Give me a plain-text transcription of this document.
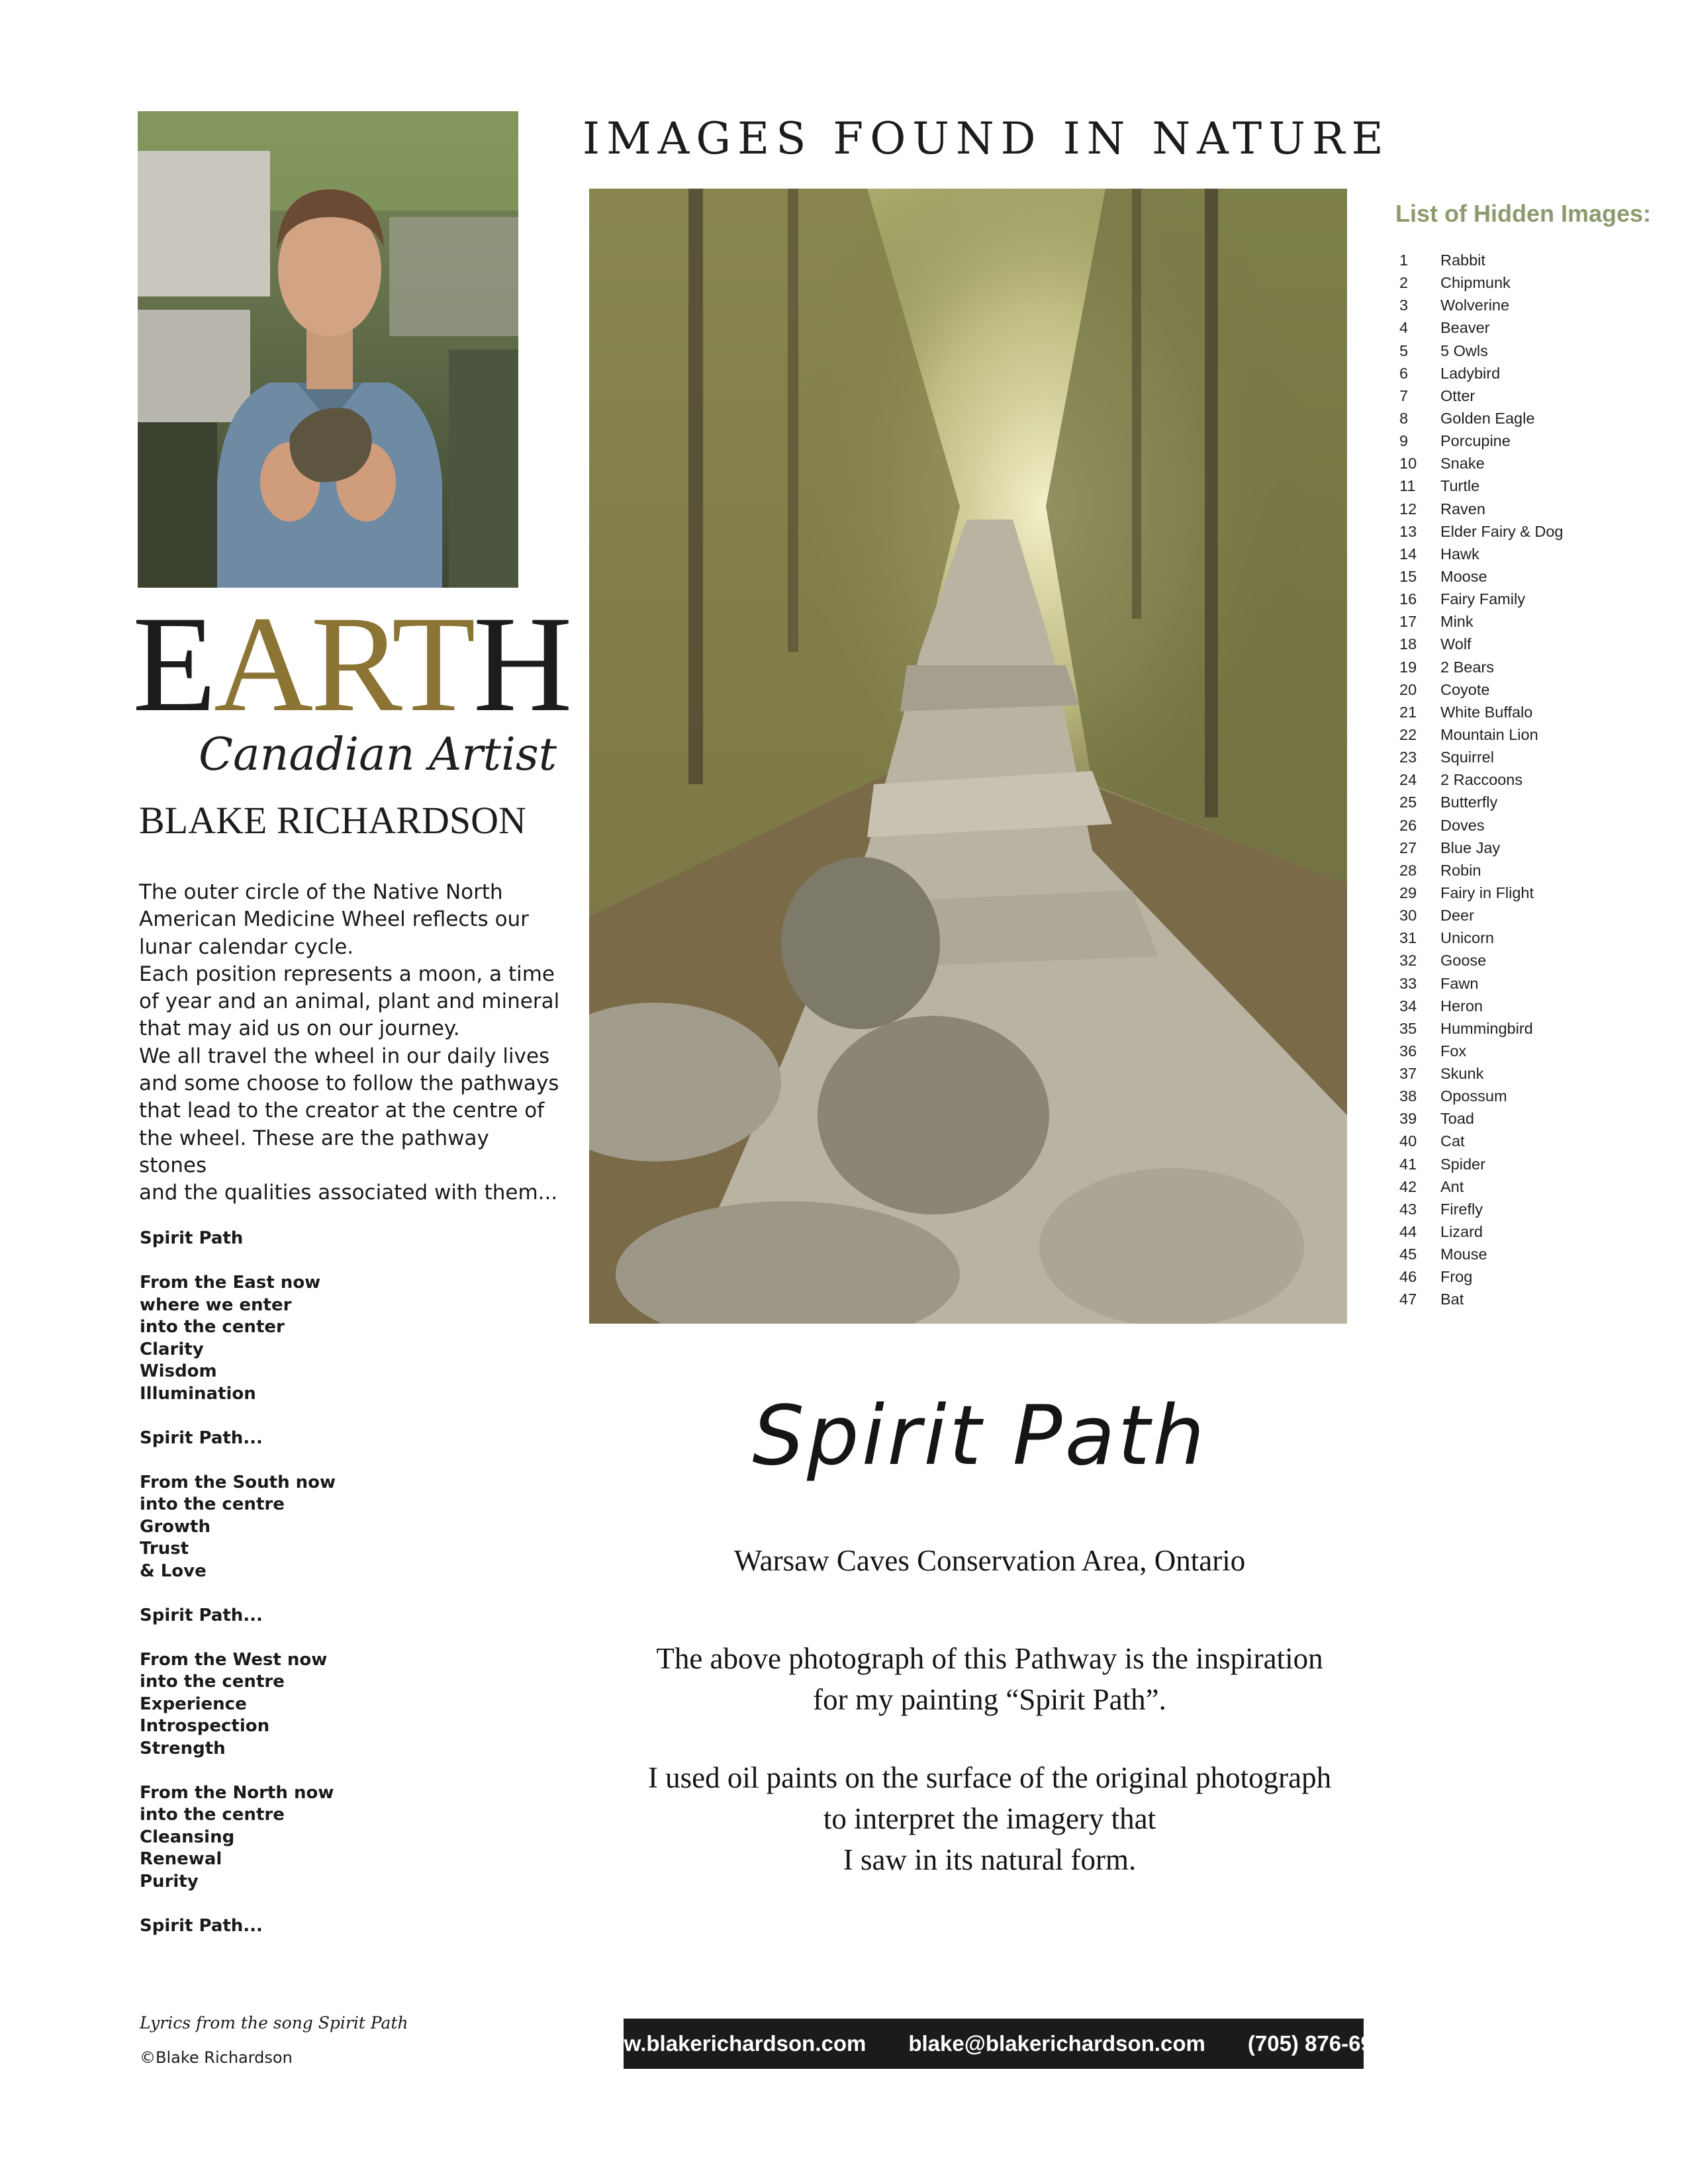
EARTH
Canadian Artist
BLAKE RICHARDSON

The outer circle of the Native North

American Medicine Wheel reflects our

lunar calendar cycle.

Each position represents a moon, a time

of year and an animal, plant and mineral

that may aid us on our journey.

We all travel the wheel in our daily lives

and some choose to follow the pathways

that lead to the creator at the centre of

the wheel. These are the pathway stones

and the qualities associated with them...

Spirit Path
From the East now
where we enter
into the center
Clarity
Wisdom
Illumination
Spirit Path...
From the South now
into the centre
Growth
Trust
& Love
Spirit Path...
From the West now
into the centre
Experience
Introspection
Strength
From the North now
into the centre
Cleansing
Renewal
Purity
Spirit Path...
Lyrics from the song Spirit Path
©Blake Richardson
IMAGES FOUND IN NATURE
List of Hidden Images:
1 Rabbit
2 Chipmunk
3 Wolverine
4 Beaver
5 5 Owls
6 Ladybird
7 Otter
8 Golden Eagle
9 Porcupine
10 Snake
11 Turtle
12 Raven
13 Elder Fairy & Dog
14 Hawk
15 Moose
16 Fairy Family
17 Mink
18 Wolf
19 2 Bears
20 Coyote
21 White Buffalo
22 Mountain Lion
23 Squirrel
24 2 Raccoons
25 Butterfly
26 Doves
27 Blue Jay
28 Robin
29 Fairy in Flight
30 Deer
31 Unicorn
32 Goose
33 Fawn
34 Heron
35 Hummingbird
36 Fox
37 Skunk
38 Opossum
39 Toad
40 Cat
41 Spider
42 Ant
43 Firefly
44 Lizard
45 Mouse
46 Frog
47 Bat
Spirit Path
Warsaw Caves Conservation Area, Ontario

The above photograph of this Pathway is the inspiration
for my painting “Spirit Path”.

I used oil paints on the surface of the original photograph
to interpret the imagery that
I saw in its natural form.

www.blakerichardson.com blake@blakerichardson.com (705) 876-6958
